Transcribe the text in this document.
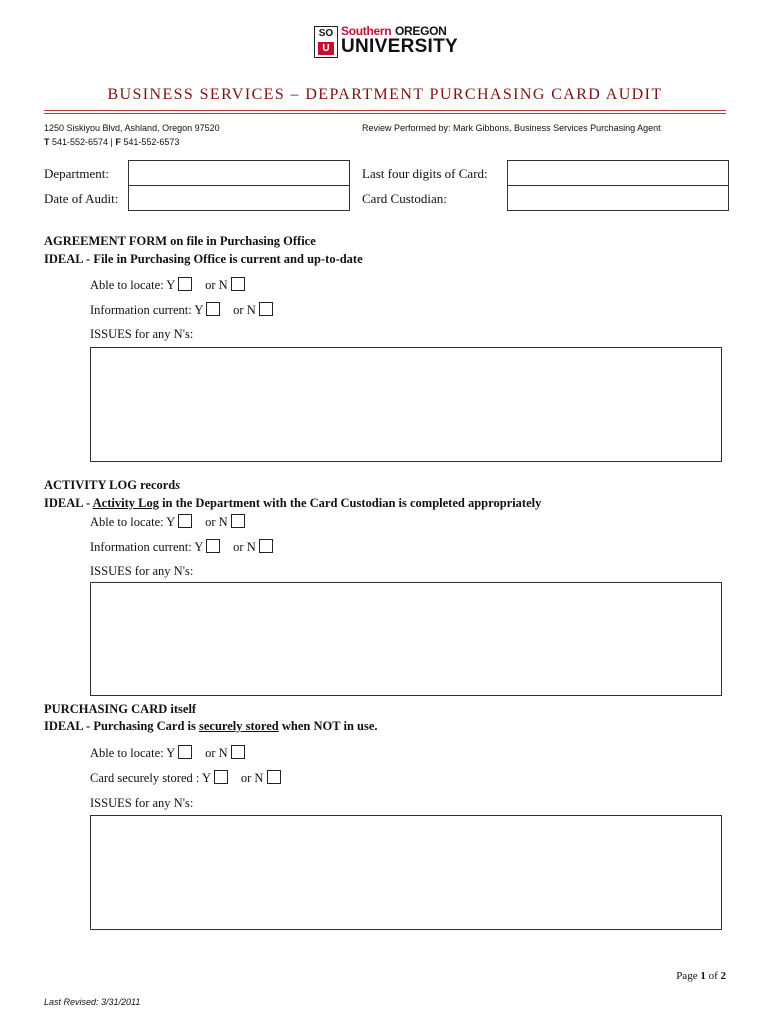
SO
U
Southern OREGON
UNIVERSITY
BUSINESS SERVICES – DEPARTMENT PURCHASING CARD AUDIT
1250 Siskiyou Blvd, Ashland, Oregon 97520
T 541-552-6574 | F 541-552-6573
Review Performed by: Mark Gibbons, Business Services Purchasing Agent
Department:
Date of Audit:
Last four digits of Card:
Card Custodian:
AGREEMENT FORM on file in Purchasing Office
IDEAL - File in Purchasing Office is current and up-to-date
Able to locate: Y or N
Information current: Y or N
ISSUES for any N's:
ACTIVITY LOG records
IDEAL - Activity Log in the Department with the Card Custodian is completed appropriately
Able to locate: Y or N
Information current: Y or N
ISSUES for any N's:
PURCHASING CARD itself
IDEAL - Purchasing Card is securely stored when NOT in use.
Able to locate: Y or N
Card securely stored : Y or N
ISSUES for any N's:
Page 1 of 2
Last Revised: 3/31/2011
